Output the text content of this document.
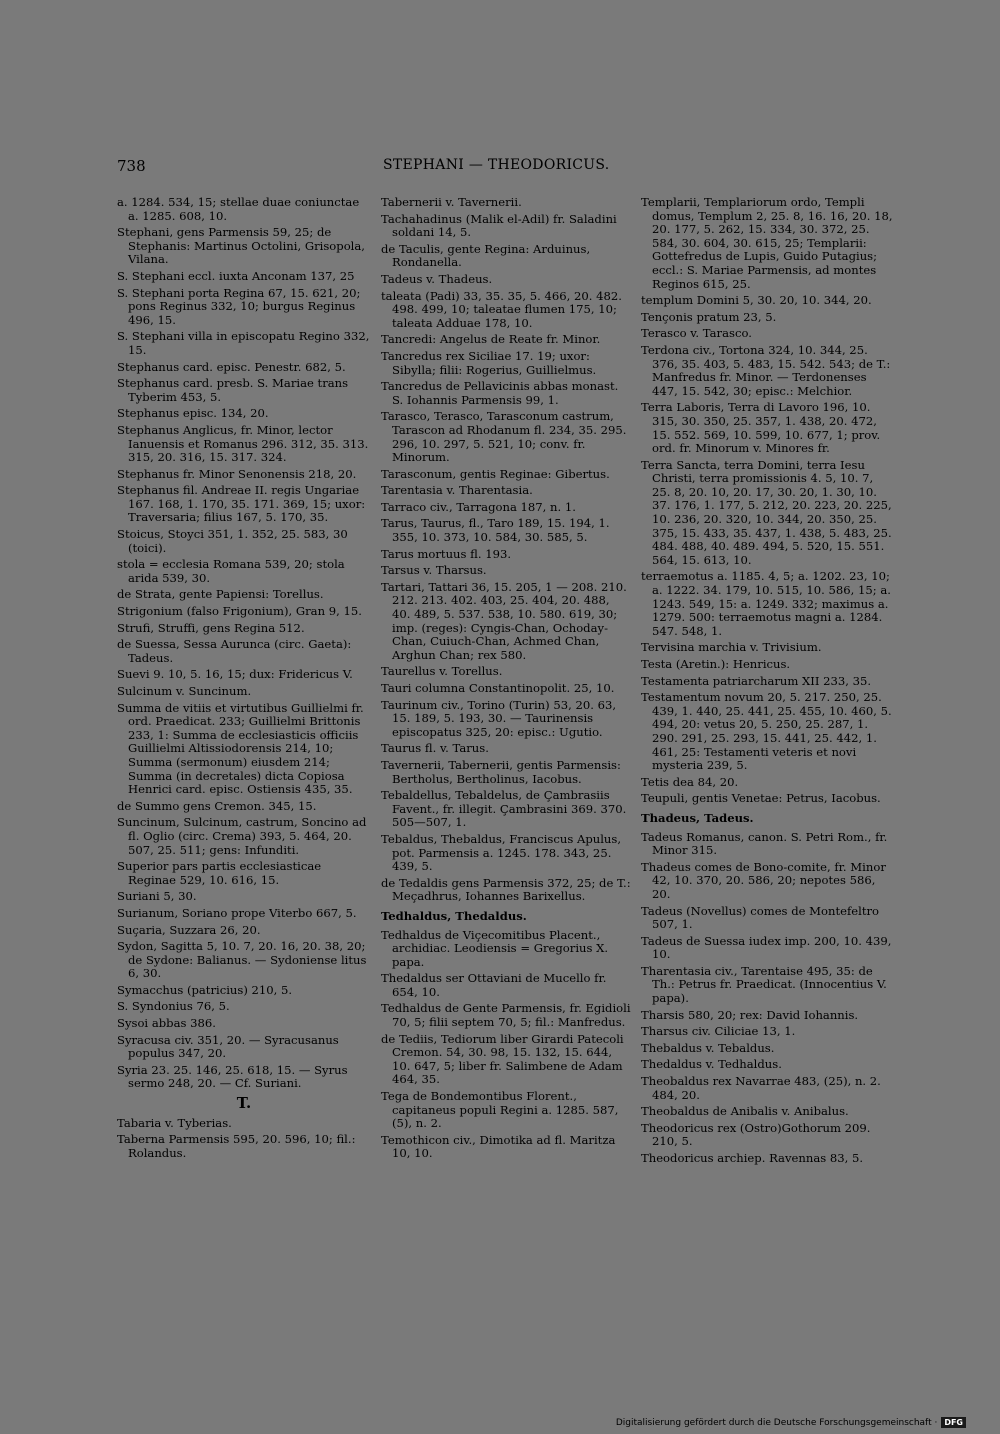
738	STEPHANI — THEODORICUS.
a. 1284. 534, 15; stellae duae coniunctae a. 1285. 608, 10.
Stephani, gens Parmensis 59, 25; de Stephanis: Martinus Octolini, Grisopola, Vilana.
S. Stephani eccl. iuxta Anconam 137, 25
S. Stephani porta Regina 67, 15. 621, 20; pons Reginus 332, 10; burgus Reginus 496, 15.
S. Stephani villa in episcopatu Regino 332, 15.
Stephanus card. episc. Penestr. 682, 5.
Stephanus card. presb. S. Mariae trans Tyberim 453, 5.
Stephanus episc. 134, 20.
Stephanus Anglicus, fr. Minor, lector Ianuensis et Romanus 296. 312, 35. 313. 315, 20. 316, 15. 317. 324.
Stephanus fr. Minor Senonensis 218, 20.
Stephanus fil. Andreae II. regis Ungariae 167. 168, 1. 170, 35. 171. 369, 15; uxor: Traversaria; filius 167, 5. 170, 35.
Stoicus, Stoyci 351, 1. 352, 25. 583, 30 (toici).
stola = ecclesia Romana 539, 20; stola arida 539, 30.
de Strata, gente Papiensi: Torellus.
Strigonium (falso Frigonium), Gran 9, 15.
Strufi, Struffi, gens Regina 512.
de Suessa, Sessa Aurunca (circ. Gaeta): Tadeus.
Suevi 9. 10, 5. 16, 15; dux: Fridericus V.
Sulcinum v. Suncinum.
Summa de vitiis et virtutibus Guillielmi fr. ord. Praedicat. 233; Guillielmi Brittonis 233, 1: Summa de ecclesiasticis officiis Guillielmi Altissiodorensis 214, 10; Summa (sermonum) eiusdem 214; Summa (in decretales) dicta Copiosa Henrici card. episc. Ostiensis 435, 35.
de Summo gens Cremon. 345, 15.
Suncinum, Sulcinum, castrum, Soncino ad fl. Oglio (circ. Crema) 393, 5. 464, 20. 507, 25. 511; gens: Infunditi.
Superior pars partis ecclesiasticae Reginae 529, 10. 616, 15.
Suriani 5, 30.
Surianum, Soriano prope Viterbo 667, 5.
Suçaria, Suzzara 26, 20.
Sydon, Sagitta 5, 10. 7, 20. 16, 20. 38, 20; de Sydone: Balianus. — Sydoniense litus 6, 30.
Symacchus (patricius) 210, 5.
S. Syndonius 76, 5.
Sysoi abbas 386.
Syracusa civ. 351, 20. — Syracusanus populus 347, 20.
Syria 23. 25. 146, 25. 618, 15. — Syrus sermo 248, 20. — Cf. Suriani.
T.
Tabaria v. Tyberias.
Taberna Parmensis 595, 20. 596, 10; fil.: Rolandus.
Tabernerii v. Tavernerii.
Tachahadinus (Malik el-Adil) fr. Saladini soldani 14, 5.
de Taculis, gente Regina: Arduinus, Rondanella.
Tadeus v. Thadeus.
taleata (Padi) 33, 35. 35, 5. 466, 20. 482. 498. 499, 10; taleatae flumen 175, 10; taleata Adduae 178, 10.
Tancredi: Angelus de Reate fr. Minor.
Tancredus rex Siciliae 17. 19; uxor: Sibylla; filii: Rogerius, Guillielmus.
Tancredus de Pellavicinis abbas monast. S. Iohannis Parmensis 99, 1.
Tarasco, Terasco, Tarasconum castrum, Tarascon ad Rhodanum fl. 234, 35. 295. 296, 10. 297, 5. 521, 10; conv. fr. Minorum.
Tarasconum, gentis Reginae: Gibertus.
Tarentasia v. Tharentasia.
Tarraco civ., Tarragona 187, n. 1.
Tarus, Taurus, fl., Taro 189, 15. 194, 1. 355, 10. 373, 10. 584, 30. 585, 5.
Tarus mortuus fl. 193.
Tarsus v. Tharsus.
Tartari, Tattari 36, 15. 205, 1 — 208. 210. 212. 213. 402. 403, 25. 404, 20. 488, 40. 489, 5. 537. 538, 10. 580. 619, 30; imp. (reges): Cyngis-Chan, Ochoday-Chan, Cuiuch-Chan, Achmed Chan, Arghun Chan; rex 580.
Taurellus v. Torellus.
Tauri columna Constantinopolit. 25, 10.
Taurinum civ., Torino (Turin) 53, 20. 63, 15. 189, 5. 193, 30. — Taurinensis episcopatus 325, 20: episc.: Ugutio.
Taurus fl. v. Tarus.
Tavernerii, Tabernerii, gentis Parmensis: Bertholus, Bertholinus, Iacobus.
Tebaldellus, Tebaldelus, de Çambrasiis Favent., fr. illegit. Çambrasini 369. 370. 505—507, 1.
Tebaldus, Thebaldus, Franciscus Apulus, pot. Parmensis a. 1245. 178. 343, 25. 439, 5.
de Tedaldis gens Parmensis 372, 25; de T.: Meçadhrus, Iohannes Barixellus.
Tedhaldus, Thedaldus.
Tedhaldus de Viçecomitibus Placent., archidiac. Leodiensis = Gregorius X. papa.
Thedaldus ser Ottaviani de Mucello fr. 654, 10.
Tedhaldus de Gente Parmensis, fr. Egidioli 70, 5; filii septem 70, 5; fil.: Manfredus.
de Tediis, Tediorum liber Girardi Patecoli Cremon. 54, 30. 98, 15. 132, 15. 644, 10. 647, 5; liber fr. Salimbene de Adam 464, 35.
Tega de Bondemontibus Florent., capitaneus populi Regini a. 1285. 587, (5), n. 2.
Temothicon civ., Dimotika ad fl. Maritza 10, 10.
Templarii, Templariorum ordo, Templi domus, Templum 2, 25. 8, 16. 16, 20. 18, 20. 177, 5. 262, 15. 334, 30. 372, 25. 584, 30. 604, 30. 615, 25; Templarii: Gottefredus de Lupis, Guido Putagius; eccl.: S. Mariae Parmensis, ad montes Reginos 615, 25.
templum Domini 5, 30. 20, 10. 344, 20.
Tençonis pratum 23, 5.
Terasco v. Tarasco.
Terdona civ., Tortona 324, 10. 344, 25. 376, 35. 403, 5. 483, 15. 542. 543; de T.: Manfredus fr. Minor. — Terdonenses 447, 15. 542, 30; episc.: Melchior.
Terra Laboris, Terra di Lavoro 196, 10. 315, 30. 350, 25. 357, 1. 438, 20. 472, 15. 552. 569, 10. 599, 10. 677, 1; prov. ord. fr. Minorum v. Minores fr.
Terra Sancta, terra Domini, terra Iesu Christi, terra promissionis 4. 5, 10. 7, 25. 8, 20. 10, 20. 17, 30. 20, 1. 30, 10. 37. 176, 1. 177, 5. 212, 20. 223, 20. 225, 10. 236, 20. 320, 10. 344, 20. 350, 25. 375, 15. 433, 35. 437, 1. 438, 5. 483, 25. 484. 488, 40. 489. 494, 5. 520, 15. 551. 564, 15. 613, 10.
terraemotus a. 1185. 4, 5; a. 1202. 23, 10; a. 1222. 34. 179, 10. 515, 10. 586, 15; a. 1243. 549, 15: a. 1249. 332; maximus a. 1279. 500: terraemotus magni a. 1284. 547. 548, 1.
Tervisina marchia v. Trivisium.
Testa (Aretin.): Henricus.
Testamenta patriarcharum XII 233, 35.
Testamentum novum 20, 5. 217. 250, 25. 439, 1. 440, 25. 441, 25. 455, 10. 460, 5. 494, 20: vetus 20, 5. 250, 25. 287, 1. 290. 291, 25. 293, 15. 441, 25. 442, 1. 461, 25: Testamenti veteris et novi mysteria 239, 5.
Tetis dea 84, 20.
Teupuli, gentis Venetae: Petrus, Iacobus.
Thadeus, Tadeus.
Tadeus Romanus, canon. S. Petri Rom., fr. Minor 315.
Thadeus comes de Bono-comite, fr. Minor 42, 10. 370, 20. 586, 20; nepotes 586, 20.
Tadeus (Novellus) comes de Montefeltro 507, 1.
Tadeus de Suessa iudex imp. 200, 10. 439, 10.
Tharentasia civ., Tarentaise 495, 35: de Th.: Petrus fr. Praedicat. (Innocentius V. papa).
Tharsis 580, 20; rex: David Iohannis.
Tharsus civ. Ciliciae 13, 1.
Thebaldus v. Tebaldus.
Thedaldus v. Tedhaldus.
Theobaldus rex Navarrae 483, (25), n. 2. 484, 20.
Theobaldus de Anibalis v. Anibalus.
Theodoricus rex (Ostro)Gothorum 209. 210, 5.
Theodoricus archiep. Ravennas 83, 5.
Digitalisierung gefördert durch die Deutsche Forschungsgemeinschaft · DFG
